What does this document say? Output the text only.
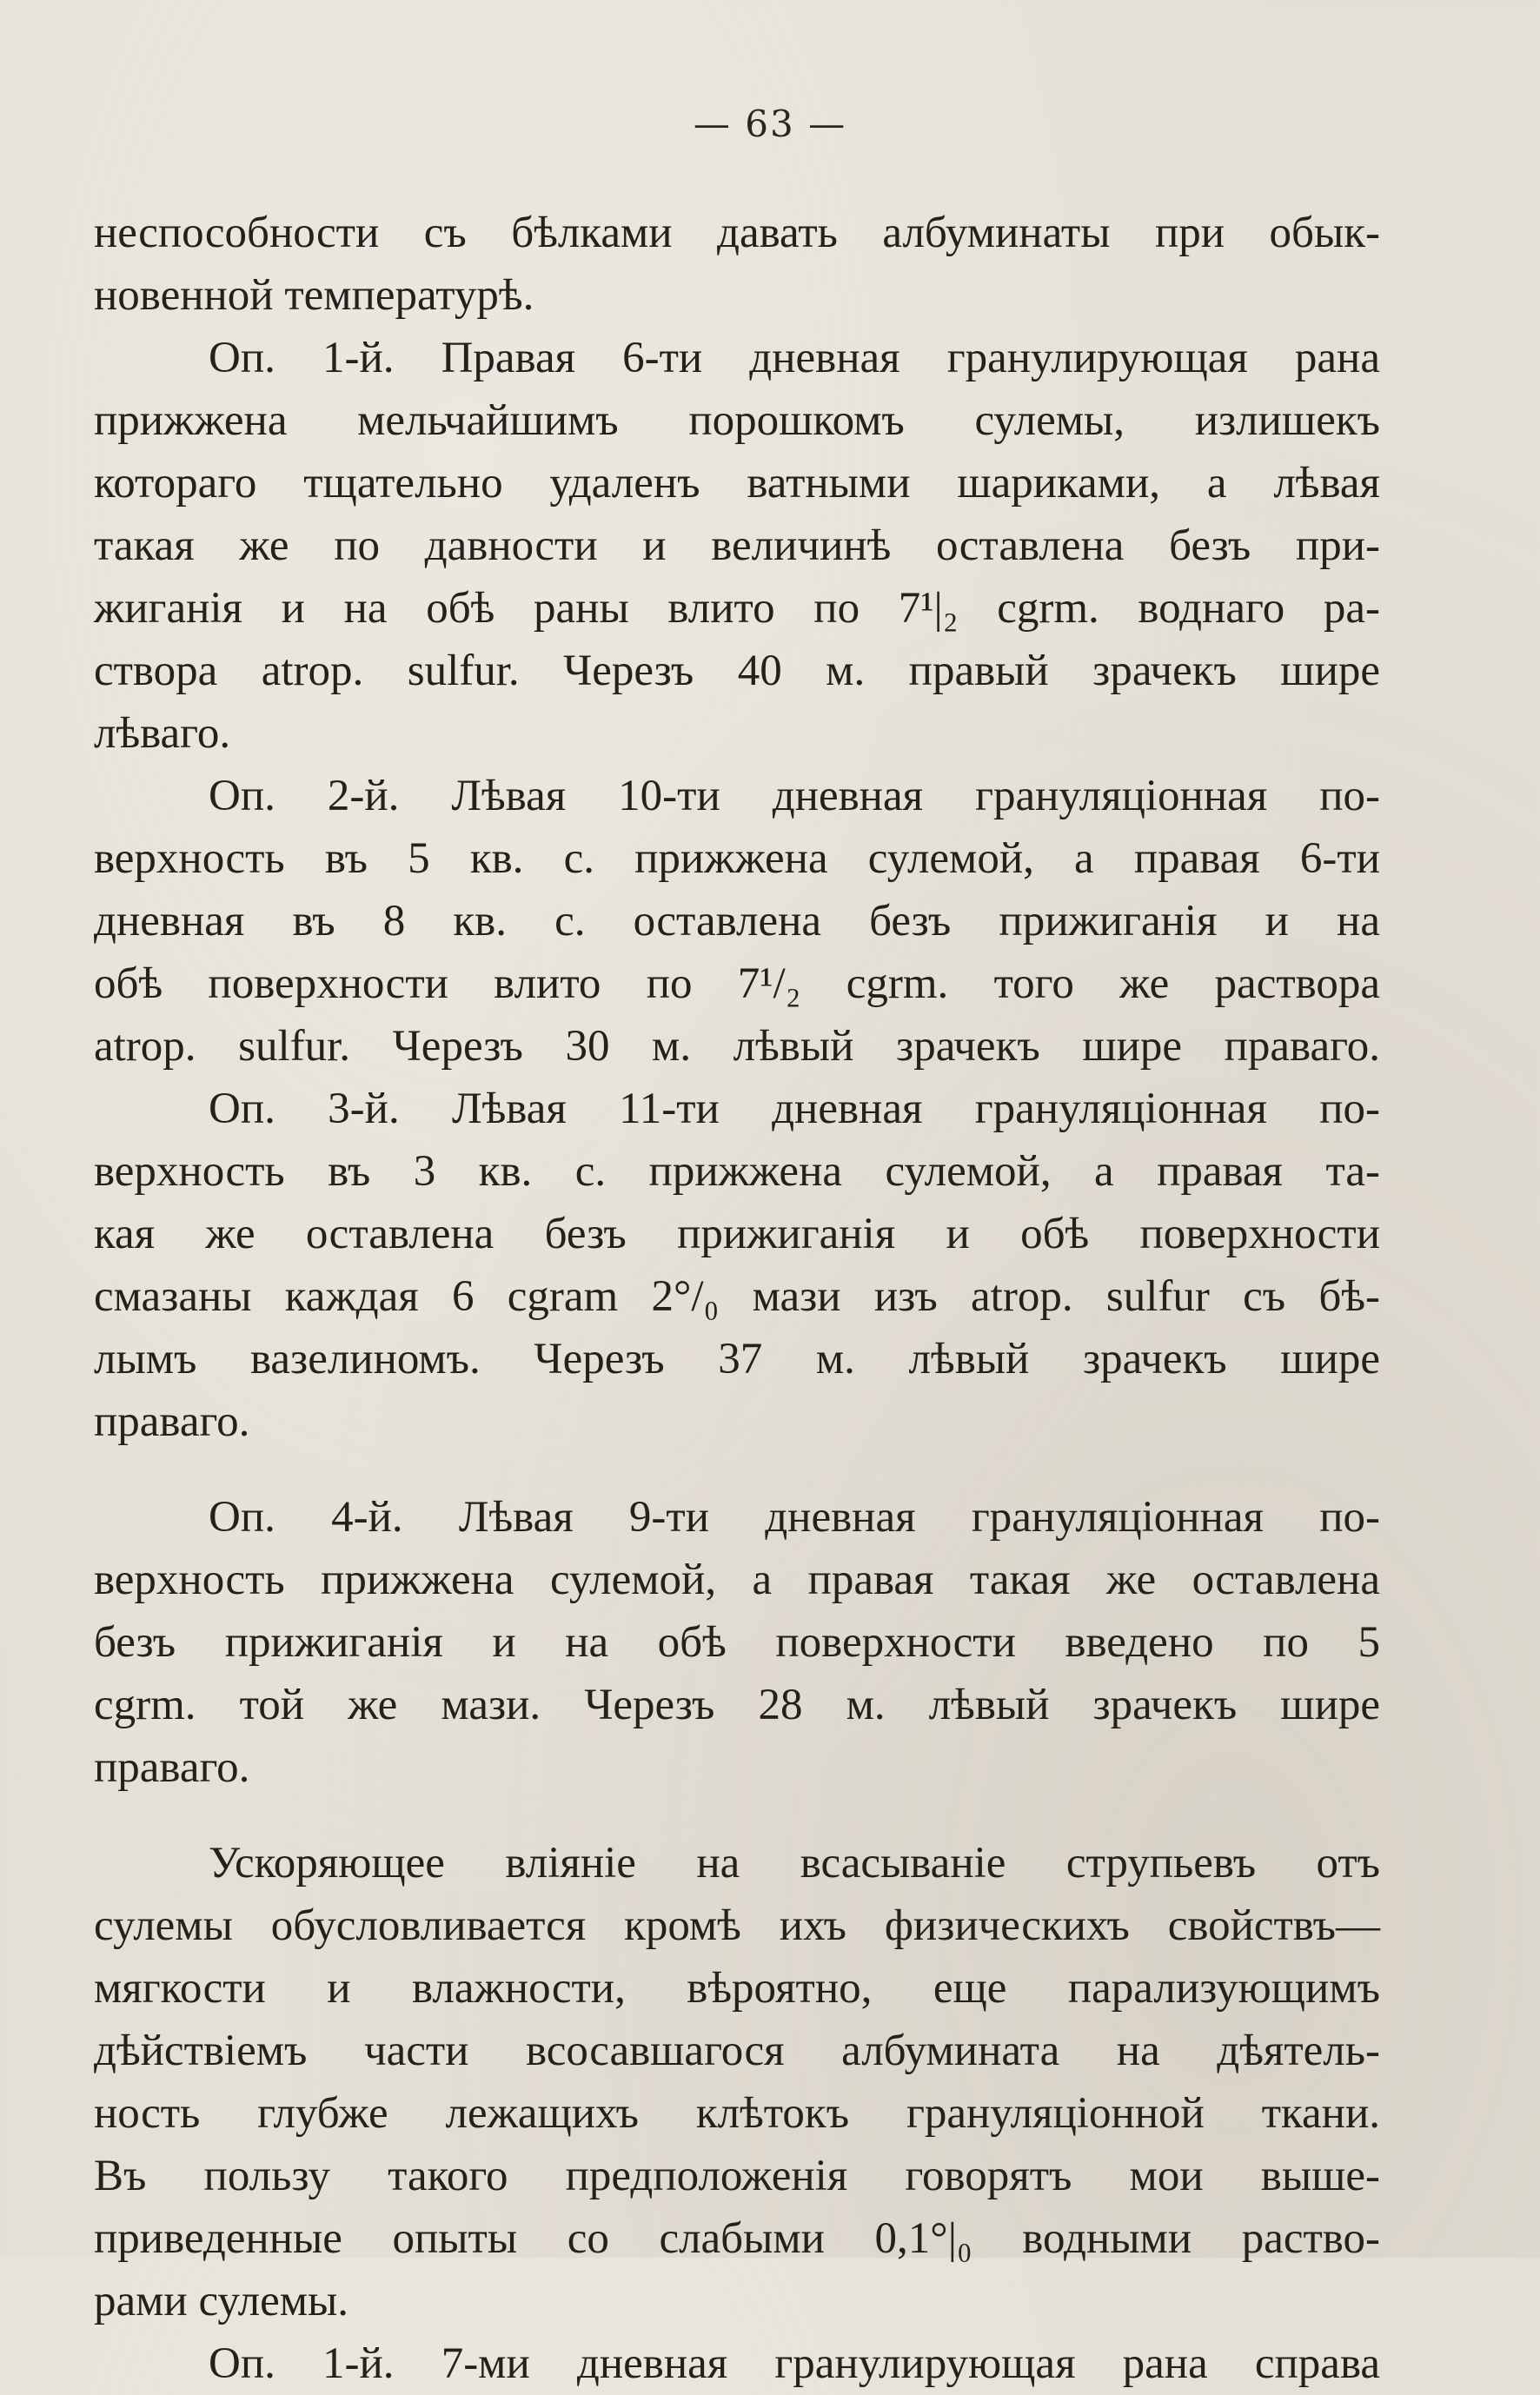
— 63 —
неспособности съ бѣлками давать албуминаты при обык-
новенной температурѣ.
Оп. 1-й. Правая 6-ти дневная гранулирующая рана
прижжена мельчайшимъ порошкомъ сулемы, излишекъ
котораго тщательно удаленъ ватными шариками, а лѣвая
такая же по давности и величинѣ оставлена безъ при-
жиганія и на обѣ раны влито по 7¹|₂ cgrm. воднаго ра-
створа atrop. sulfur. Черезъ 40 м. правый зрачекъ шире
лѣваго.
Оп. 2-й. Лѣвая 10-ти дневная грануляціонная по-
верхность въ 5 кв. с. прижжена сулемой, а правая 6-ти
дневная въ 8 кв. с. оставлена безъ прижиганія и на
обѣ поверхности влито по 7¹/₂ cgrm. того же раствора
atrop. sulfur. Черезъ 30 м. лѣвый зрачекъ шире праваго.
Оп. 3-й. Лѣвая 11-ти дневная грануляціонная по-
верхность въ 3 кв. с. прижжена сулемой, а правая та-
кая же оставлена безъ прижиганія и обѣ поверхности
смазаны каждая 6 cgram 2°/₀ мази изъ atrop. sulfur съ бѣ-
лымъ вазелиномъ. Черезъ 37 м. лѣвый зрачекъ шире
праваго.
Оп. 4-й. Лѣвая 9-ти дневная грануляціонная по-
верхность прижжена сулемой, а правая такая же оставлена
безъ прижиганія и на обѣ поверхности введено по 5
cgrm. той же мази. Черезъ 28 м. лѣвый зрачекъ шире
праваго.
Ускоряющее вліяніе на всасываніе струпьевъ отъ
сулемы обусловливается кромѣ ихъ физическихъ свойствъ—
мягкости и влажности, вѣроятно, еще парализующимъ
дѣйствіемъ части всосавшагося албумината на дѣятель-
ность глубже лежащихъ клѣтокъ грануляціонной ткани.
Въ пользу такого предположенія говорятъ мои выше-
приведенные опыты со слабыми 0,1°|₀ водными раство-
рами сулемы.
Оп. 1-й. 7-ми дневная гранулирующая рана справа
